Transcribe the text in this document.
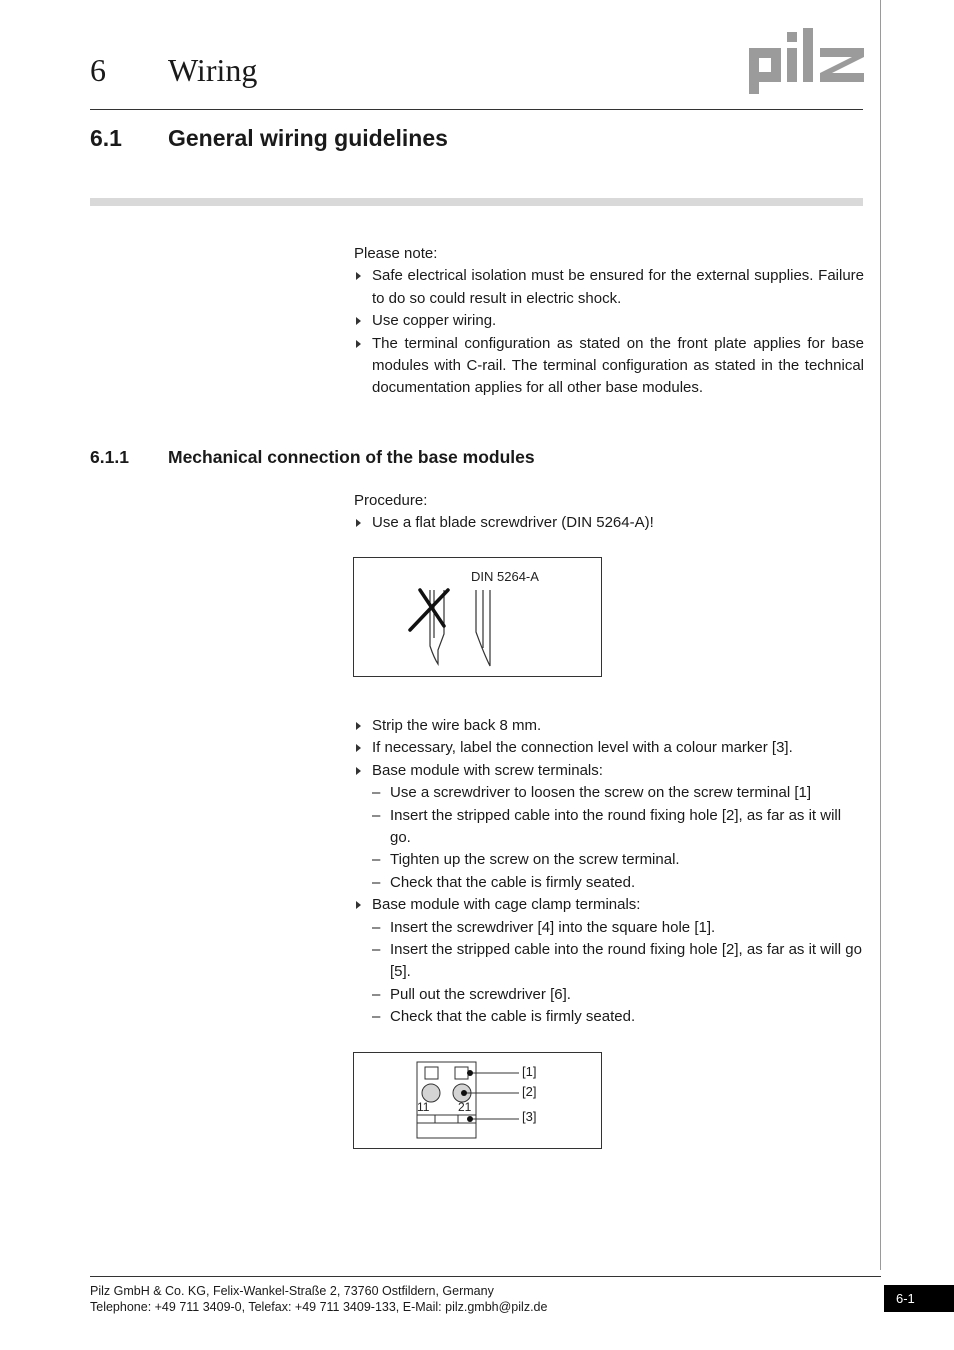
6 Wiring
6.1 General wiring guidelines

Please note:

Safe electrical isolation must be ensured for the external supplies. Failure to do so could result in electric shock.
Use copper wiring.
The terminal configuration as stated on the front plate applies for base modules with C-rail. The terminal configuration as stated in the technical documentation applies for all other base modules.
6.1.1 Mechanical connection of the base modules

Procedure:

Use a flat blade screwdriver (DIN 5264-A)!
DIN 5264-A
Strip the wire back 8 mm.
If necessary, label the connection level with a colour marker [3].
Base module with screw terminals:
– Use a screwdriver to loosen the screw on the screw terminal [1]
– Insert the stripped cable into the round fixing hole [2], as far as it will go.
– Tighten up the screw on the screw terminal.
– Check that the cable is firmly seated.
Base module with cage clamp terminals:
– Insert the screwdriver [4] into the square hole [1].
– Insert the stripped cable into the round fixing hole [2], as far as it will go [5].
– Pull out the screwdriver [6].
– Check that the cable is firmly seated.
[1]
[2]
[3]
11 21
Pilz GmbH & Co. KG, Felix-Wankel-Straße 2, 73760 Ostfildern, Germany
Telephone: +49 711 3409-0, Telefax: +49 711 3409-133, E-Mail: pilz.gmbh@pilz.de
6-1
